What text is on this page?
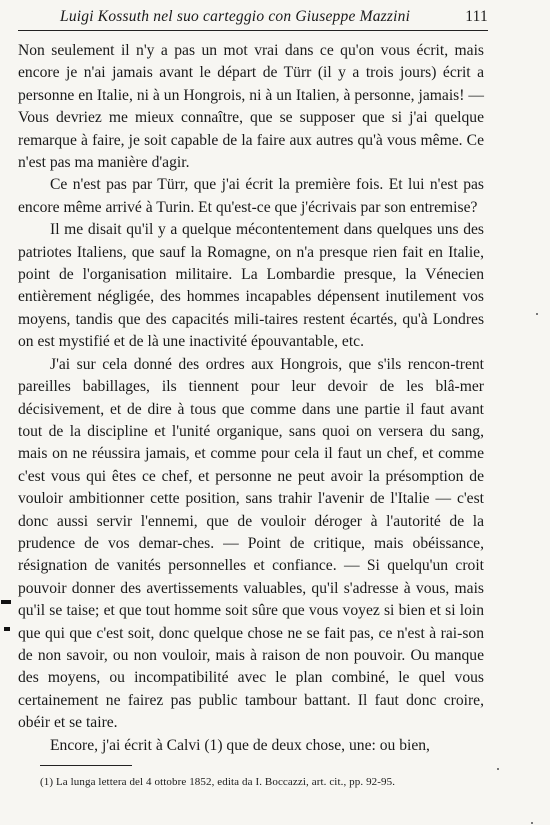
Luigi Kossuth nel suo carteggio con Giuseppe Mazzini	111

Non seulement il n'y a pas un mot vrai dans ce qu'on vous écrit, mais encore je n'ai jamais avant le départ de Türr (il y a trois jours) écrit a personne en Italie, ni à un Hongrois, ni à un Italien, à personne, jamais! — Vous devriez me mieux connaître, que se supposer que si j'ai quelque remarque à faire, je soit capable de la faire aux autres qu'à vous même. Ce n'est pas ma manière d'agir.

Ce n'est pas par Türr, que j'ai écrit la première fois. Et lui n'est pas encore même arrivé à Turin. Et qu'est-ce que j'écrivais par son entremise?

Il me disait qu'il y a quelque mécontentement dans quelques uns des patriotes Italiens, que sauf la Romagne, on n'a presque rien fait en Italie, point de l'organisation militaire. La Lombardie presque, la Vénecien entièrement négligée, des hommes incapables dépensent inutilement vos moyens, tandis que des capacités mili-taires restent écartés, qu'à Londres on est mystifié et de là une inactivité épouvantable, etc.

J'ai sur cela donné des ordres aux Hongrois, que s'ils rencon-trent pareilles babillages, ils tiennent pour leur devoir de les blâ-mer décisivement, et de dire à tous que comme dans une partie il faut avant tout de la discipline et l'unité organique, sans quoi on versera du sang, mais on ne réussira jamais, et comme pour cela il faut un chef, et comme c'est vous qui êtes ce chef, et personne ne peut avoir la présomption de vouloir ambitionner cette position, sans trahir l'avenir de l'Italie — c'est donc aussi servir l'ennemi, que de vouloir déroger à l'autorité de la prudence de vos demar-ches. — Point de critique, mais obéissance, résignation de vanités personnelles et confiance. — Si quelqu'un croit pouvoir donner des avertissements valuables, qu'il s'adresse à vous, mais qu'il se taise; et que tout homme soit sûre que vous voyez si bien et si loin que qui que c'est soit, donc quelque chose ne se fait pas, ce n'est à rai-son de non savoir, ou non vouloir, mais à raison de non pouvoir. Ou manque des moyens, ou incompatibilité avec le plan combiné, le quel vous certainement ne fairez pas public tambour battant. Il faut donc croire, obéir et se taire.

Encore, j'ai écrit à Calvi (1) que de deux chose, une: ou bien,

(1) La lunga lettera del 4 ottobre 1852, edita da I. Boccazzi, art. cit., pp. 92-95.
